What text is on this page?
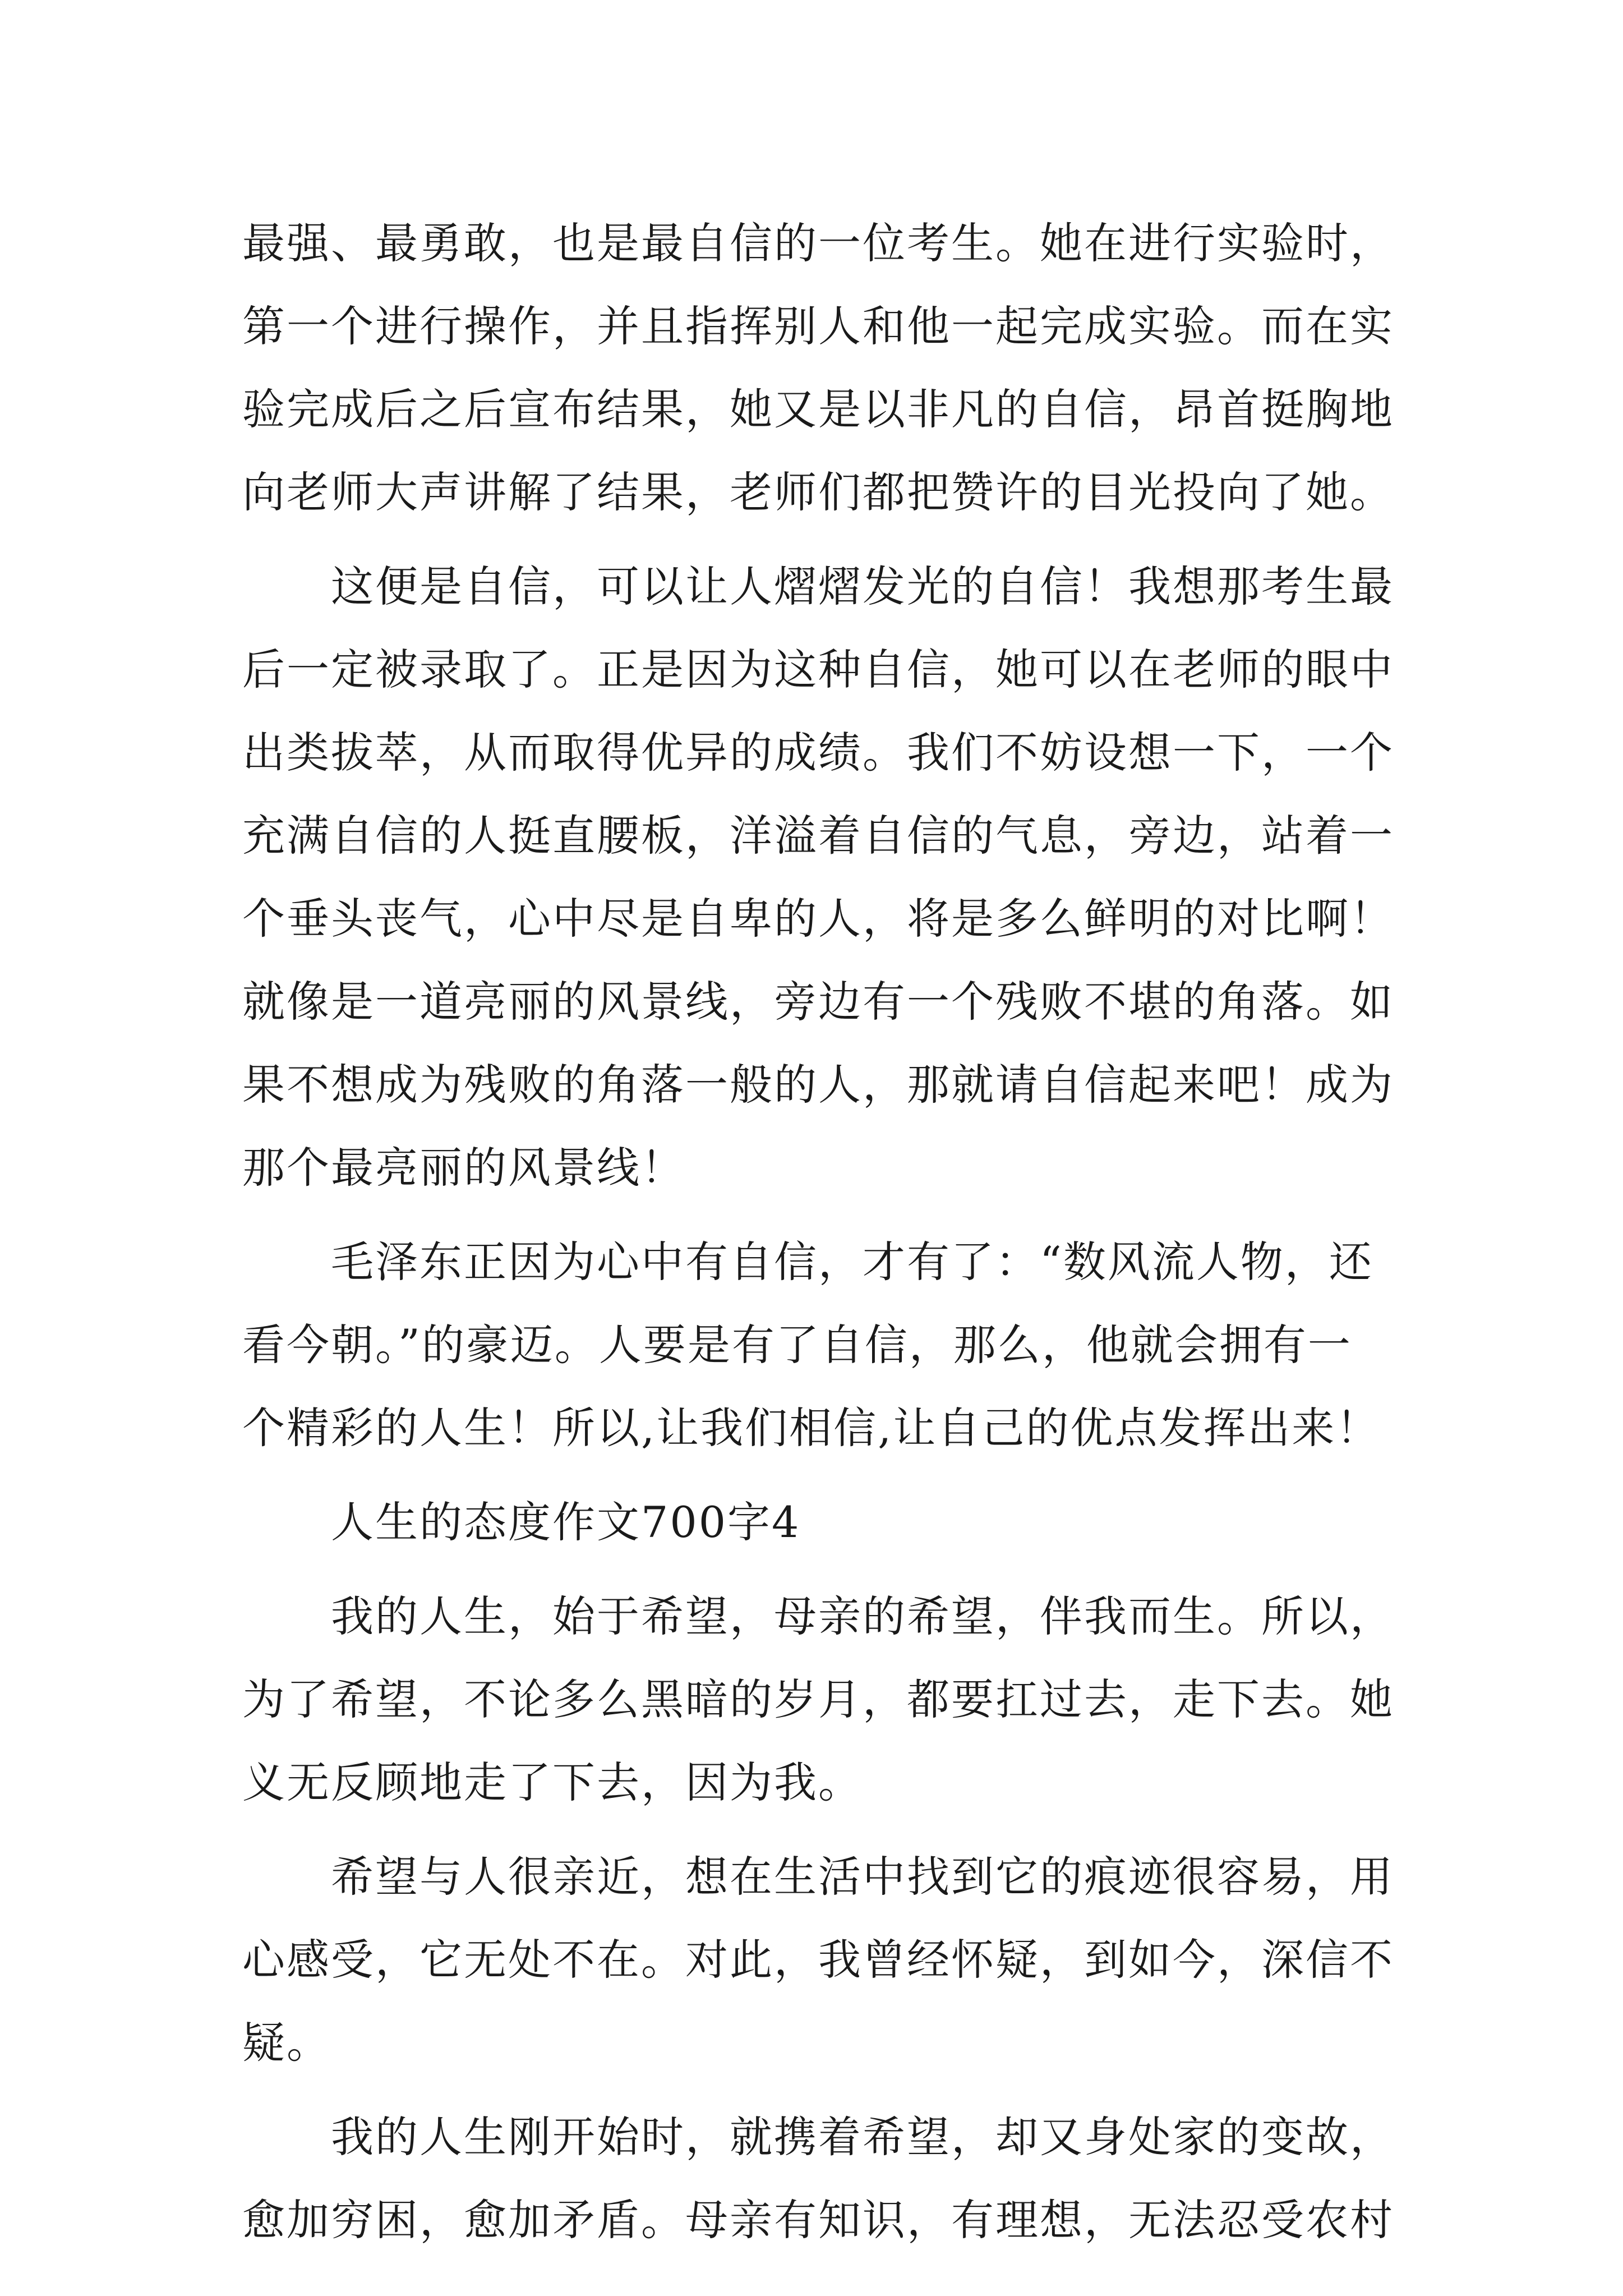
最强、最勇敢，也是最自信的一位考生。她在进行实验时，
第一个进行操作，并且指挥别人和他一起完成实验。而在实
验完成后之后宣布结果，她又是以非凡的自信，昂首挺胸地
向老师大声讲解了结果，老师们都把赞许的目光投向了她。
　　这便是自信，可以让人熠熠发光的自信！我想那考生最
后一定被录取了。正是因为这种自信，她可以在老师的眼中
出类拔萃，从而取得优异的成绩。我们不妨设想一下，一个
充满自信的人挺直腰板，洋溢着自信的气息，旁边，站着一
个垂头丧气，心中尽是自卑的人，将是多么鲜明的对比啊！
就像是一道亮丽的风景线，旁边有一个残败不堪的角落。如
果不想成为残败的角落一般的人，那就请自信起来吧！成为
那个最亮丽的风景线！
　　毛泽东正因为心中有自信，才有了：“数风流人物，还
看今朝。”的豪迈。人要是有了自信，那么，他就会拥有一
个精彩的人生！所以,让我们相信,让自己的优点发挥出来！
　　人生的态度作文700字4
　　我的人生，始于希望，母亲的希望，伴我而生。所以，
为了希望，不论多么黑暗的岁月，都要扛过去，走下去。她
义无反顾地走了下去，因为我。
　　希望与人很亲近，想在生活中找到它的痕迹很容易，用
心感受，它无处不在。对此，我曾经怀疑，到如今，深信不
疑。
　　我的人生刚开始时，就携着希望，却又身处家的变故，
愈加穷困，愈加矛盾。母亲有知识，有理想，无法忍受农村
